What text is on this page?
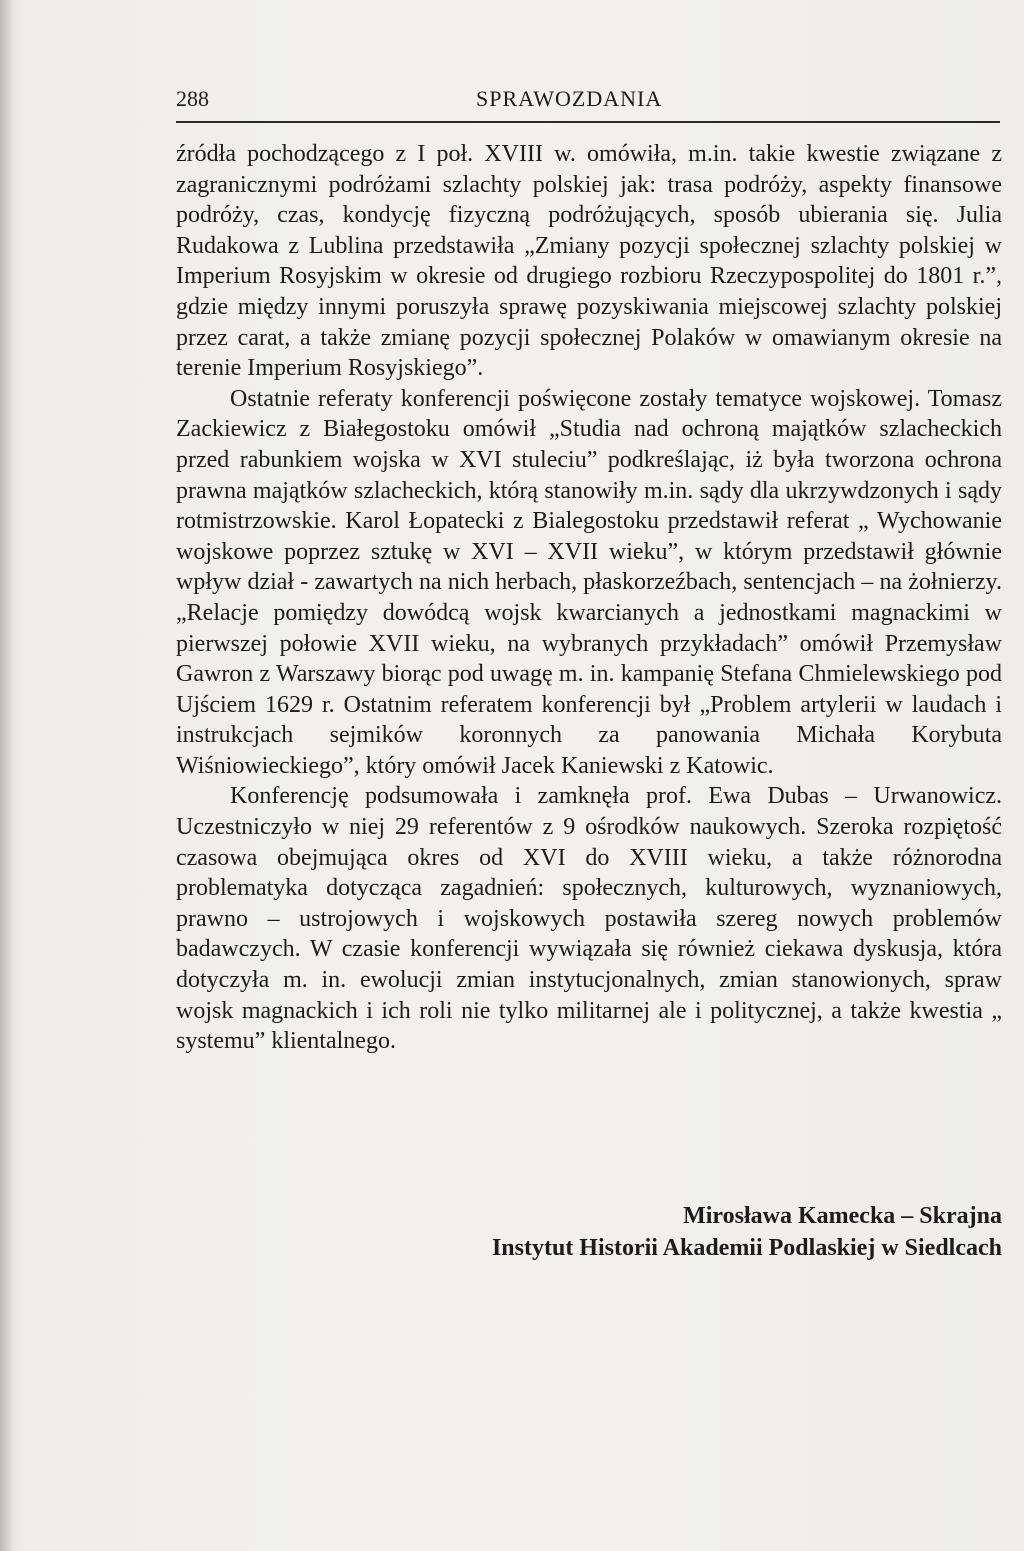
288	SPRAWOZDANIA

źródła pochodzącego z I poł. XVIII w. omówiła, m.in. takie kwestie związane z zagranicznymi podróżami szlachty polskiej jak: trasa podróży, aspekty finansowe podróży, czas, kondycję fizyczną podróżujących, sposób ubierania się. Julia Rudakowa z Lublina przedstawiła „Zmiany pozycji społecznej szlachty polskiej w Imperium Rosyjskim w okresie od drugiego rozbioru Rzeczypospolitej do 1801 r.”, gdzie między innymi poruszyła sprawę pozyskiwania miejscowej szlachty polskiej przez carat, a także zmianę pozycji społecznej Polaków w omawianym okresie na terenie Imperium Rosyjskiego”.

Ostatnie referaty konferencji poświęcone zostały tematyce wojskowej. Tomasz Zackiewicz z Białegostoku omówił „Studia nad ochroną majątków szlacheckich przed rabunkiem wojska w XVI stuleciu” podkreślając, iż była tworzona ochrona prawna majątków szlacheckich, którą stanowiły m.in. sądy dla ukrzywdzonych i sądy rotmistrzowskie. Karol Łopatecki z Bialegostoku przedstawił referat „ Wychowanie wojskowe poprzez sztukę w XVI – XVII wieku”, w którym przedstawił głównie wpływ dział - zawartych na nich herbach, płaskorzeźbach, sentencjach – na żołnierzy. „Relacje pomiędzy dowódcą wojsk kwarcianych a jednostkami magnackimi w pierwszej połowie XVII wieku, na wybranych przykładach” omówił Przemysław Gawron z Warszawy biorąc pod uwagę m. in. kampanię Stefana Chmielewskiego pod Ujściem 1629 r. Ostatnim referatem konferencji był „Problem artylerii w laudach i instrukcjach sejmików koronnych za panowania Michała Korybuta Wiśniowieckiego”, który omówił Jacek Kaniewski z Katowic.

Konferencję podsumowała i zamknęła prof. Ewa Dubas – Urwanowicz. Uczestniczyło w niej 29 referentów z 9 ośrodków naukowych. Szeroka rozpiętość czasowa obejmująca okres od XVI do XVIII wieku, a także różnorodna problematyka dotycząca zagadnień: społecznych, kulturowych, wyznaniowych, prawno – ustrojowych i wojskowych postawiła szereg nowych problemów badawczych. W czasie konferencji wywiązała się również ciekawa dyskusja, która dotyczyła m. in. ewolucji zmian instytucjonalnych, zmian stanowionych, spraw wojsk magnackich i ich roli nie tylko militarnej ale i politycznej, a także kwestia „ systemu” klientalnego.

Mirosława Kamecka – Skrajna
Instytut Historii Akademii Podlaskiej w Siedlcach
